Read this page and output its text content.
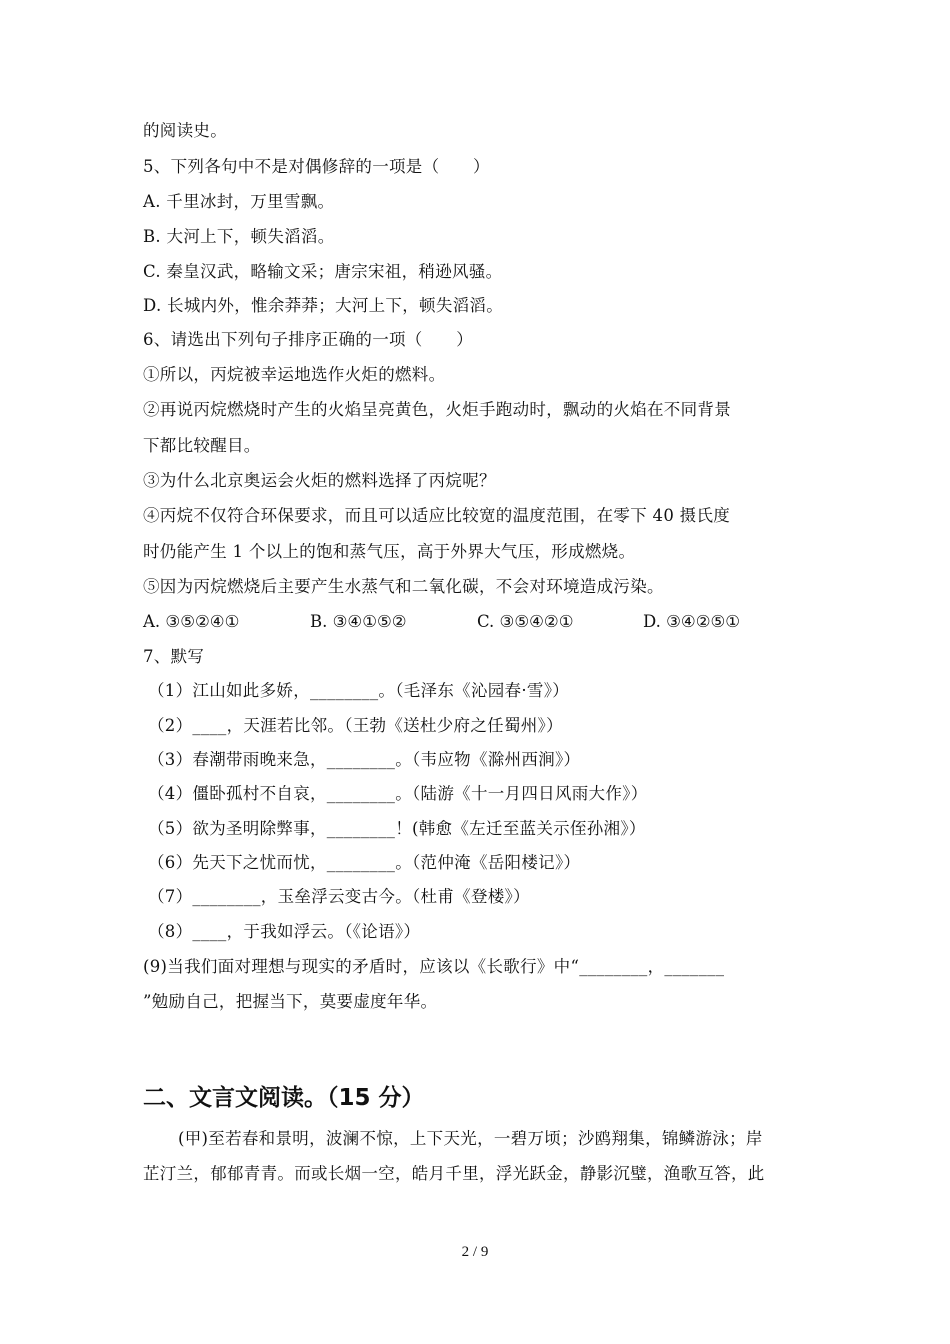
的阅读史。
5、下列各句中不是对偶修辞的一项是（　　）
A. 千里冰封，万里雪飘。
B. 大河上下，顿失滔滔。
C. 秦皇汉武，略输文采；唐宗宋祖，稍逊风骚。
D. 长城内外，惟余莽莽；大河上下，顿失滔滔。
6、请选出下列句子排序正确的一项（　　）
①所以，丙烷被幸运地选作火炬的燃料。
②再说丙烷燃烧时产生的火焰呈亮黄色，火炬手跑动时，飘动的火焰在不同背景
下都比较醒目。
③为什么北京奥运会火炬的燃料选择了丙烷呢？
④丙烷不仅符合环保要求，而且可以适应比较宽的温度范围，在零下 40 摄氏度
时仍能产生 1 个以上的饱和蒸气压，高于外界大气压，形成燃烧。
⑤因为丙烷燃烧后主要产生水蒸气和二氧化碳，不会对环境造成污染。
A. ③⑤②④①	B. ③④①⑤②	C. ③⑤④②①	D. ③④②⑤①
7、默写
（1）江山如此多娇，________。（毛泽东《沁园春·雪》）
（2）____，天涯若比邻。（王勃《送杜少府之任蜀州》）
（3）春潮带雨晚来急，________。（韦应物《滁州西涧》）
（4）僵卧孤村不自哀，________。（陆游《十一月四日风雨大作》）
（5）欲为圣明除弊事，________！(韩愈《左迁至蓝关示侄孙湘》）
（6）先天下之忧而忧，________。（范仲淹《岳阳楼记》）
（7）________，玉垒浮云变古今。（杜甫《登楼》）
（8）____，于我如浮云。（《论语》）
(9)当我们面对理想与现实的矛盾时，应该以《长歌行》中“________，_______
”勉励自己，把握当下，莫要虚度年华。
二、文言文阅读。（15 分）
(甲)至若春和景明，波澜不惊，上下天光，一碧万顷；沙鸥翔集，锦鳞游泳；岸
芷汀兰，郁郁青青。而或长烟一空，皓月千里，浮光跃金，静影沉璧，渔歌互答，此
2 / 9
